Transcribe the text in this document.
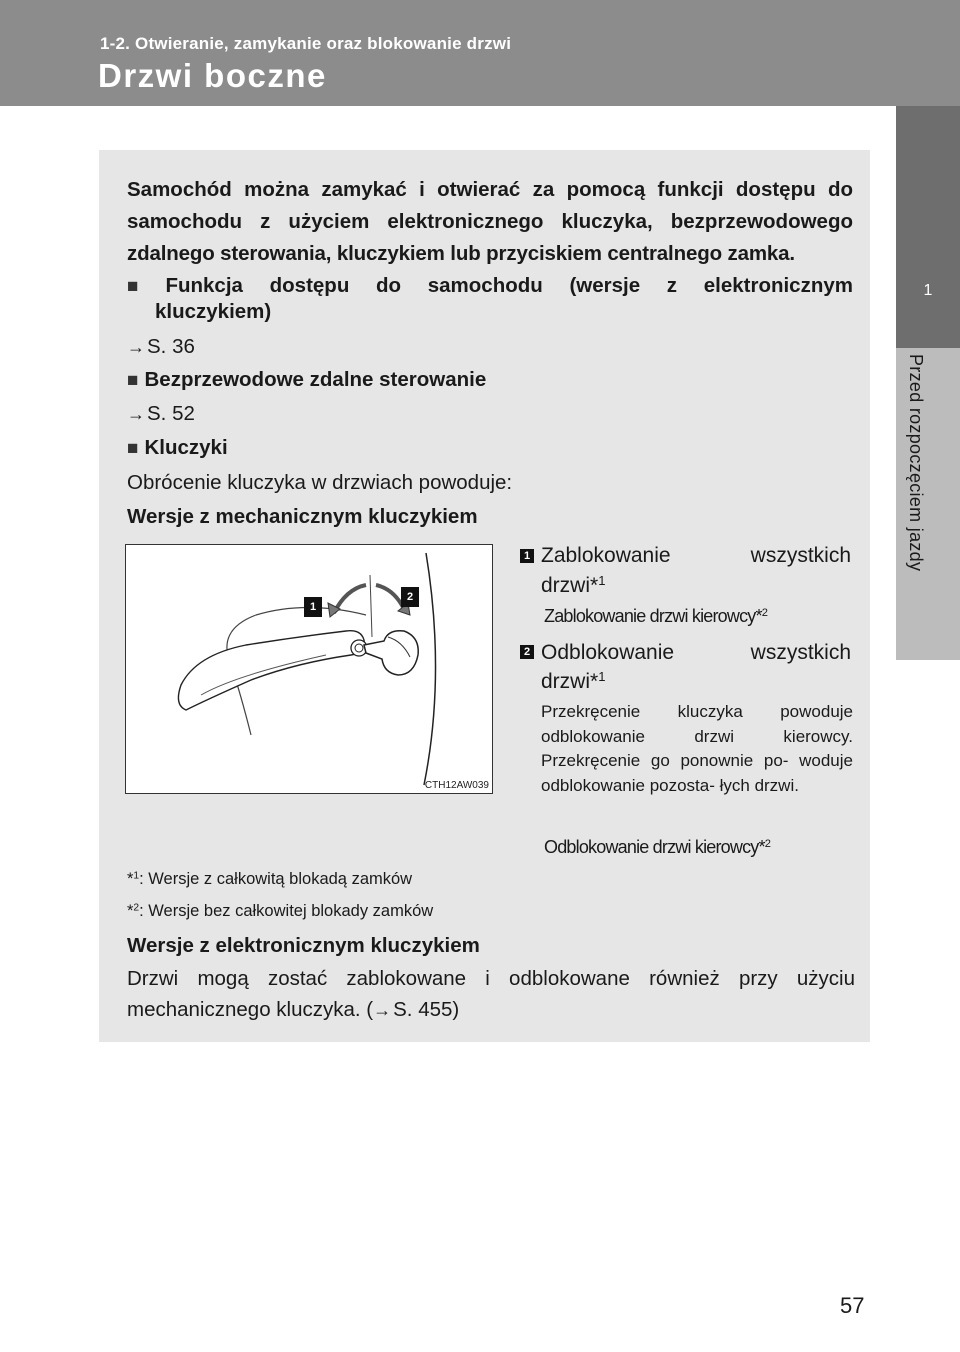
1-2. Otwieranie, zamykanie oraz blokowanie drzwi
Drzwi boczne
1
Przed rozpoczęciem jazdy
Samochód można zamykać i otwierać za pomocą funkcji dostępu do
samochodu z użyciem elektronicznego kluczyka, bezprzewodowego
zdalnego sterowania, kluczykiem lub przyciskiem centralnego zamka.
■ Funkcja dostępu do samochodu (wersje z elektronicznym
kluczykiem)
→S. 36
■ Bezprzewodowe zdalne sterowanie
→S. 52
■ Kluczyki
Obrócenie kluczyka w drzwiach powoduje:
Wersje z mechanicznym kluczykiem
1
2
CTH12AW039
1 Zablokowanie wszystkich
drzwi*$^1$
Zablokowanie drzwi kierowcy*$^2$
2 Odblokowanie wszystkich
drzwi*$^1$
Przekręcenie kluczyka powoduje odblokowanie drzwi kierowcy. Przekręcenie go ponownie po- woduje odblokowanie pozosta- łych drzwi.
Odblokowanie drzwi kierowcy*$^2$
*$^1$: Wersje z całkowitą blokadą zamków
*$^2$: Wersje bez całkowitej blokady zamków
Wersje z elektronicznym kluczykiem
Drzwi mogą zostać zablokowane i odblokowane również przy użyciu
mechanicznego kluczyka. (→S. 455)
57
